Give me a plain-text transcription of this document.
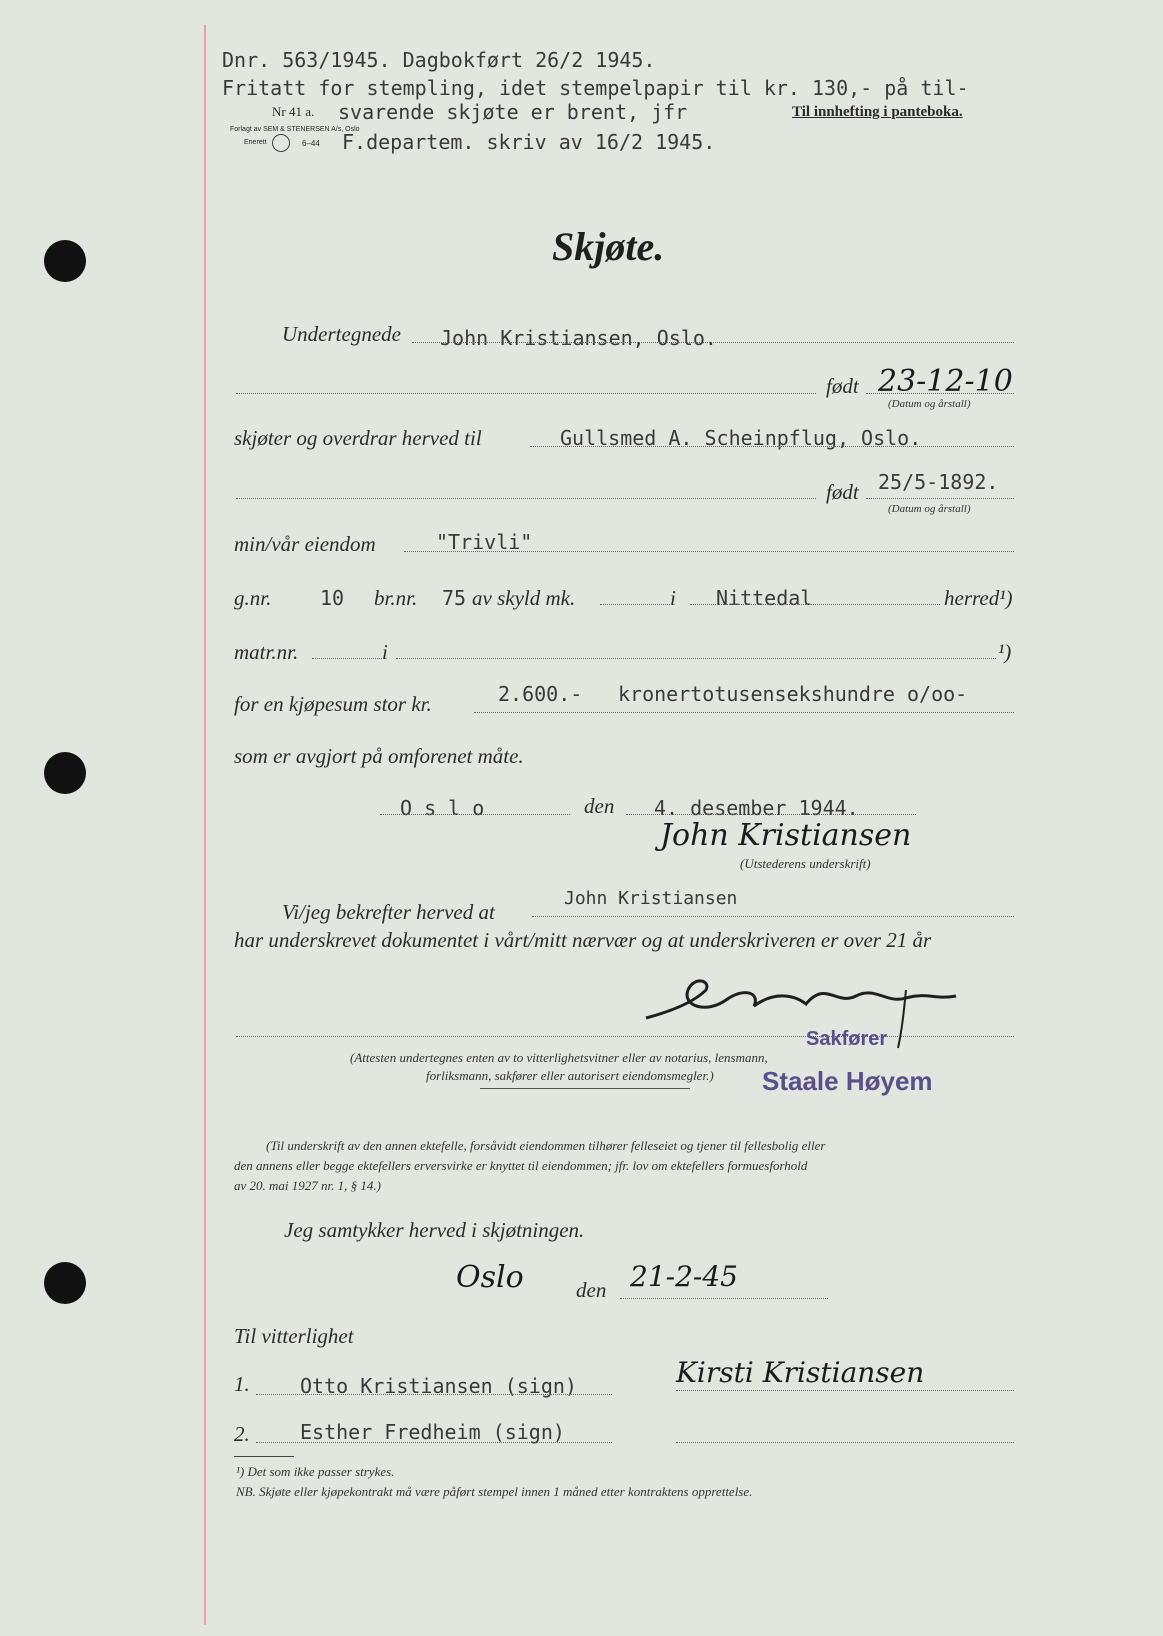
Dnr. 563/1945. Dagbokført 26/2 1945.
Fritatt for stempling, idet stempelpapir til kr. 130,- på til-
Nr 41 a. svarende skjøte er brent, jfr	Til innhefting i panteboka.
Forlagt av SEM & STENERSEN A/s, Oslo
Enerett	6–44 F.departem. skriv av 16/2 1945.
Skjøte.
Undertegnede John Kristiansen, Oslo.
født 23-12-10
(Datum og årstall)
skjøter og overdrar herved til	Gullsmed A. Scheinpflug, Oslo.
født 25/5-1892.
(Datum og årstall)
min/vår eiendom	"Trivli"
g.nr. 10 br.nr. 75 av skyld mk.	i Nittedal	herred¹)
matr.nr.	i	¹)
for en kjøpesum stor kr.	2.600.- kronertotusensekshundre o/oo-
som er avgjort på omforenet måte.
O s l o	den 4. desember 1944.
John Kristiansen
(Utstederens underskrift)
Vi/jeg bekrefter herved at
John Kristiansen
har underskrevet dokumentet i vårt/mitt nærvær og at underskriveren er over 21 år
Sakfører
Staale Høyem
(Attesten undertegnes enten av to vitterlighetsvitner eller av notarius, lensmann,
forliksmann, sakfører eller autorisert eiendomsmegler.)
(Til underskrift av den annen ektefelle, forsåvidt eiendommen tilhører felleseiet og tjener til fellesbolig eller
den annens eller begge ektefellers erversvirke er knyttet til eiendommen; jfr. lov om ektefellers formuesforhold
av 20. mai 1927 nr. 1, § 14.)
Jeg samtykker herved i skjøtningen.
Oslo den 21-2-45
Til vitterlighet
1.	Otto Kristiansen (sign)	Kirsti Kristiansen
2.	Esther Fredheim (sign)
¹) Det som ikke passer strykes.
NB. Skjøte eller kjøpekontrakt må være påført stempel innen 1 måned etter kontraktens opprettelse.
